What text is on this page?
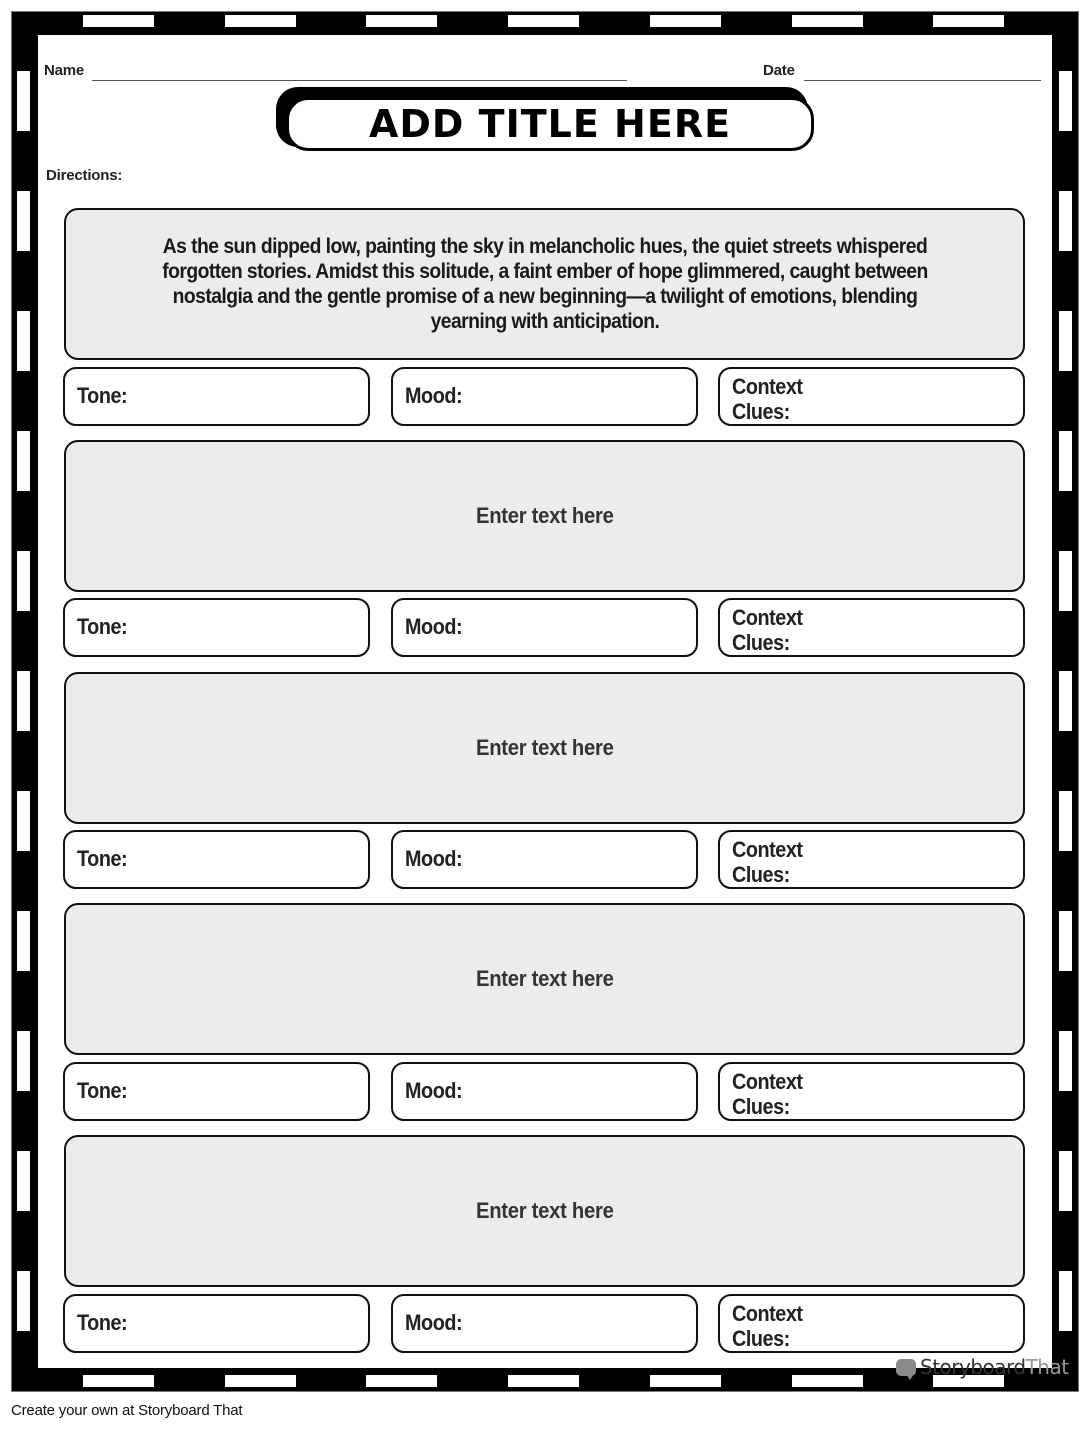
Name	Date
ADD TITLE HERE
Directions:
As the sun dipped low, painting the sky in melancholic hues, the quiet streets whispered forgotten stories. Amidst this solitude, a faint ember of hope glimmered, caught between nostalgia and the gentle promise of a new beginning—a twilight of emotions, blending yearning with anticipation.
Tone:	Mood:	Context
Clues:
Enter text here
Tone:	Mood:	Context
Clues:
Enter text here
Tone:	Mood:	Context
Clues:
Enter text here
Tone:	Mood:	Context
Clues:
Enter text here
Tone:	Mood:	Context
Clues:
Storyboard That
Create your own at Storyboard That
